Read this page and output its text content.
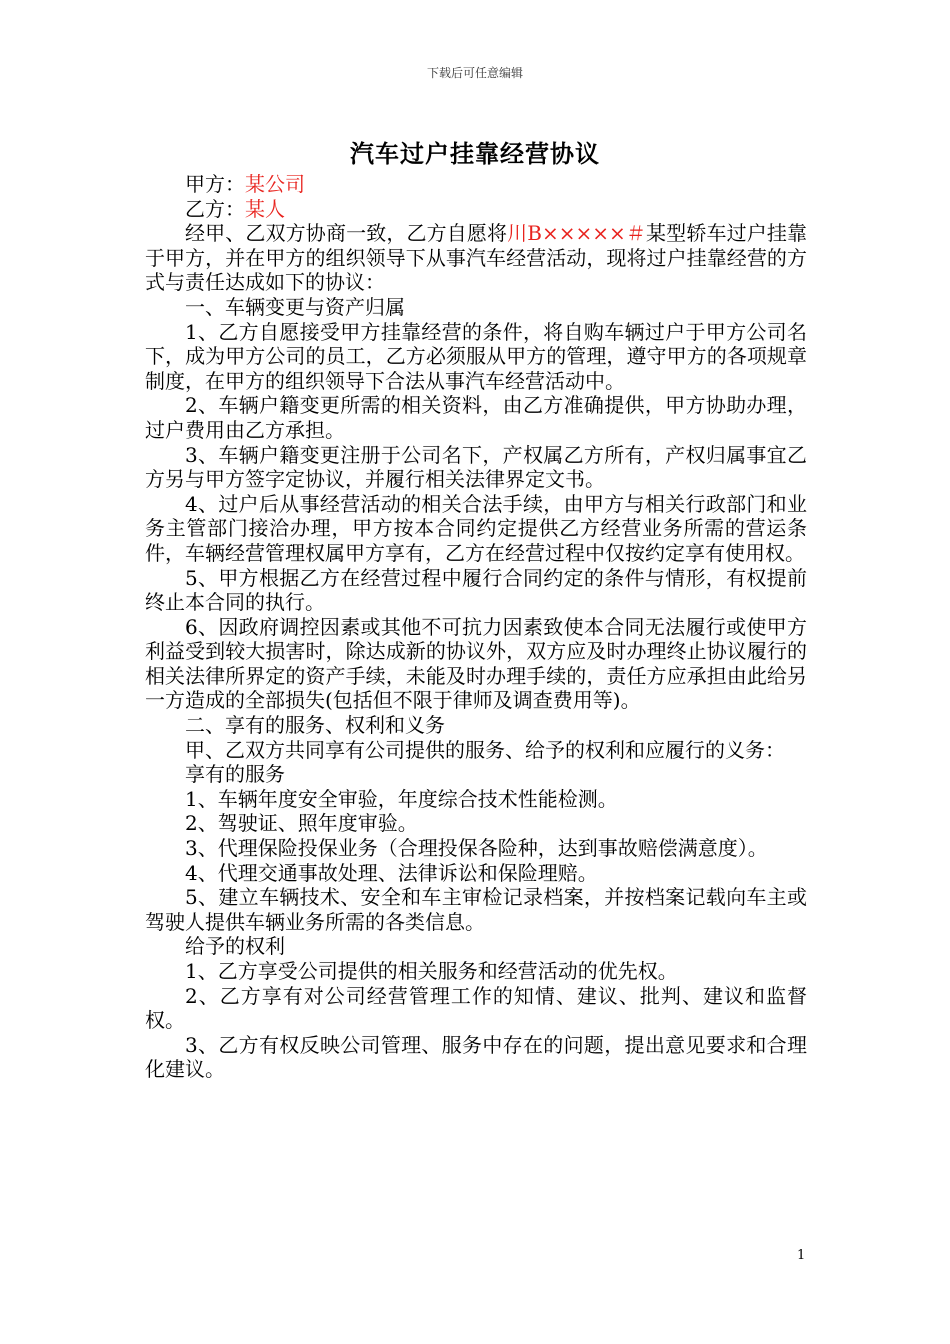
下载后可任意编辑
汽车过户挂靠经营协议

甲方：某公司

乙方：某人

经甲、乙双方协商一致，乙方自愿将川B×××××＃某型轿车过户挂靠于甲方，并在甲方的组织领导下从事汽车经营活动，现将过户挂靠经营的方式与责任达成如下的协议：

一、车辆变更与资产归属

1、乙方自愿接受甲方挂靠经营的条件，将自购车辆过户于甲方公司名下，成为甲方公司的员工，乙方必须服从甲方的管理，遵守甲方的各项规章制度，在甲方的组织领导下合法从事汽车经营活动中。

2、车辆户籍变更所需的相关资料，由乙方准确提供，甲方协助办理，过户费用由乙方承担。

3、车辆户籍变更注册于公司名下，产权属乙方所有，产权归属事宜乙方另与甲方签字定协议，并履行相关法律界定文书。

4、过户后从事经营活动的相关合法手续，由甲方与相关行政部门和业务主管部门接洽办理，甲方按本合同约定提供乙方经营业务所需的营运条件，车辆经营管理权属甲方享有，乙方在经营过程中仅按约定享有使用权。

5、甲方根据乙方在经营过程中履行合同约定的条件与情形，有权提前终止本合同的执行。

6、因政府调控因素或其他不可抗力因素致使本合同无法履行或使甲方利益受到较大损害时，除达成新的协议外，双方应及时办理终止协议履行的相关法律所界定的资产手续，未能及时办理手续的，责任方应承担由此给另一方造成的全部损失(包括但不限于律师及调查费用等)。

二、享有的服务、权利和义务

甲、乙双方共同享有公司提供的服务、给予的权利和应履行的义务：

享有的服务

1、车辆年度安全审验，年度综合技术性能检测。

2、驾驶证、照年度审验。

3、代理保险投保业务（合理投保各险种，达到事故赔偿满意度）。

4、代理交通事故处理、法律诉讼和保险理赔。

5、建立车辆技术、安全和车主审检记录档案，并按档案记载向车主或驾驶人提供车辆业务所需的各类信息。

给予的权利

1、乙方享受公司提供的相关服务和经营活动的优先权。

2、乙方享有对公司经营管理工作的知情、建议、批判、建议和监督权。

3、乙方有权反映公司管理、服务中存在的问题，提出意见要求和合理化建议。

1
